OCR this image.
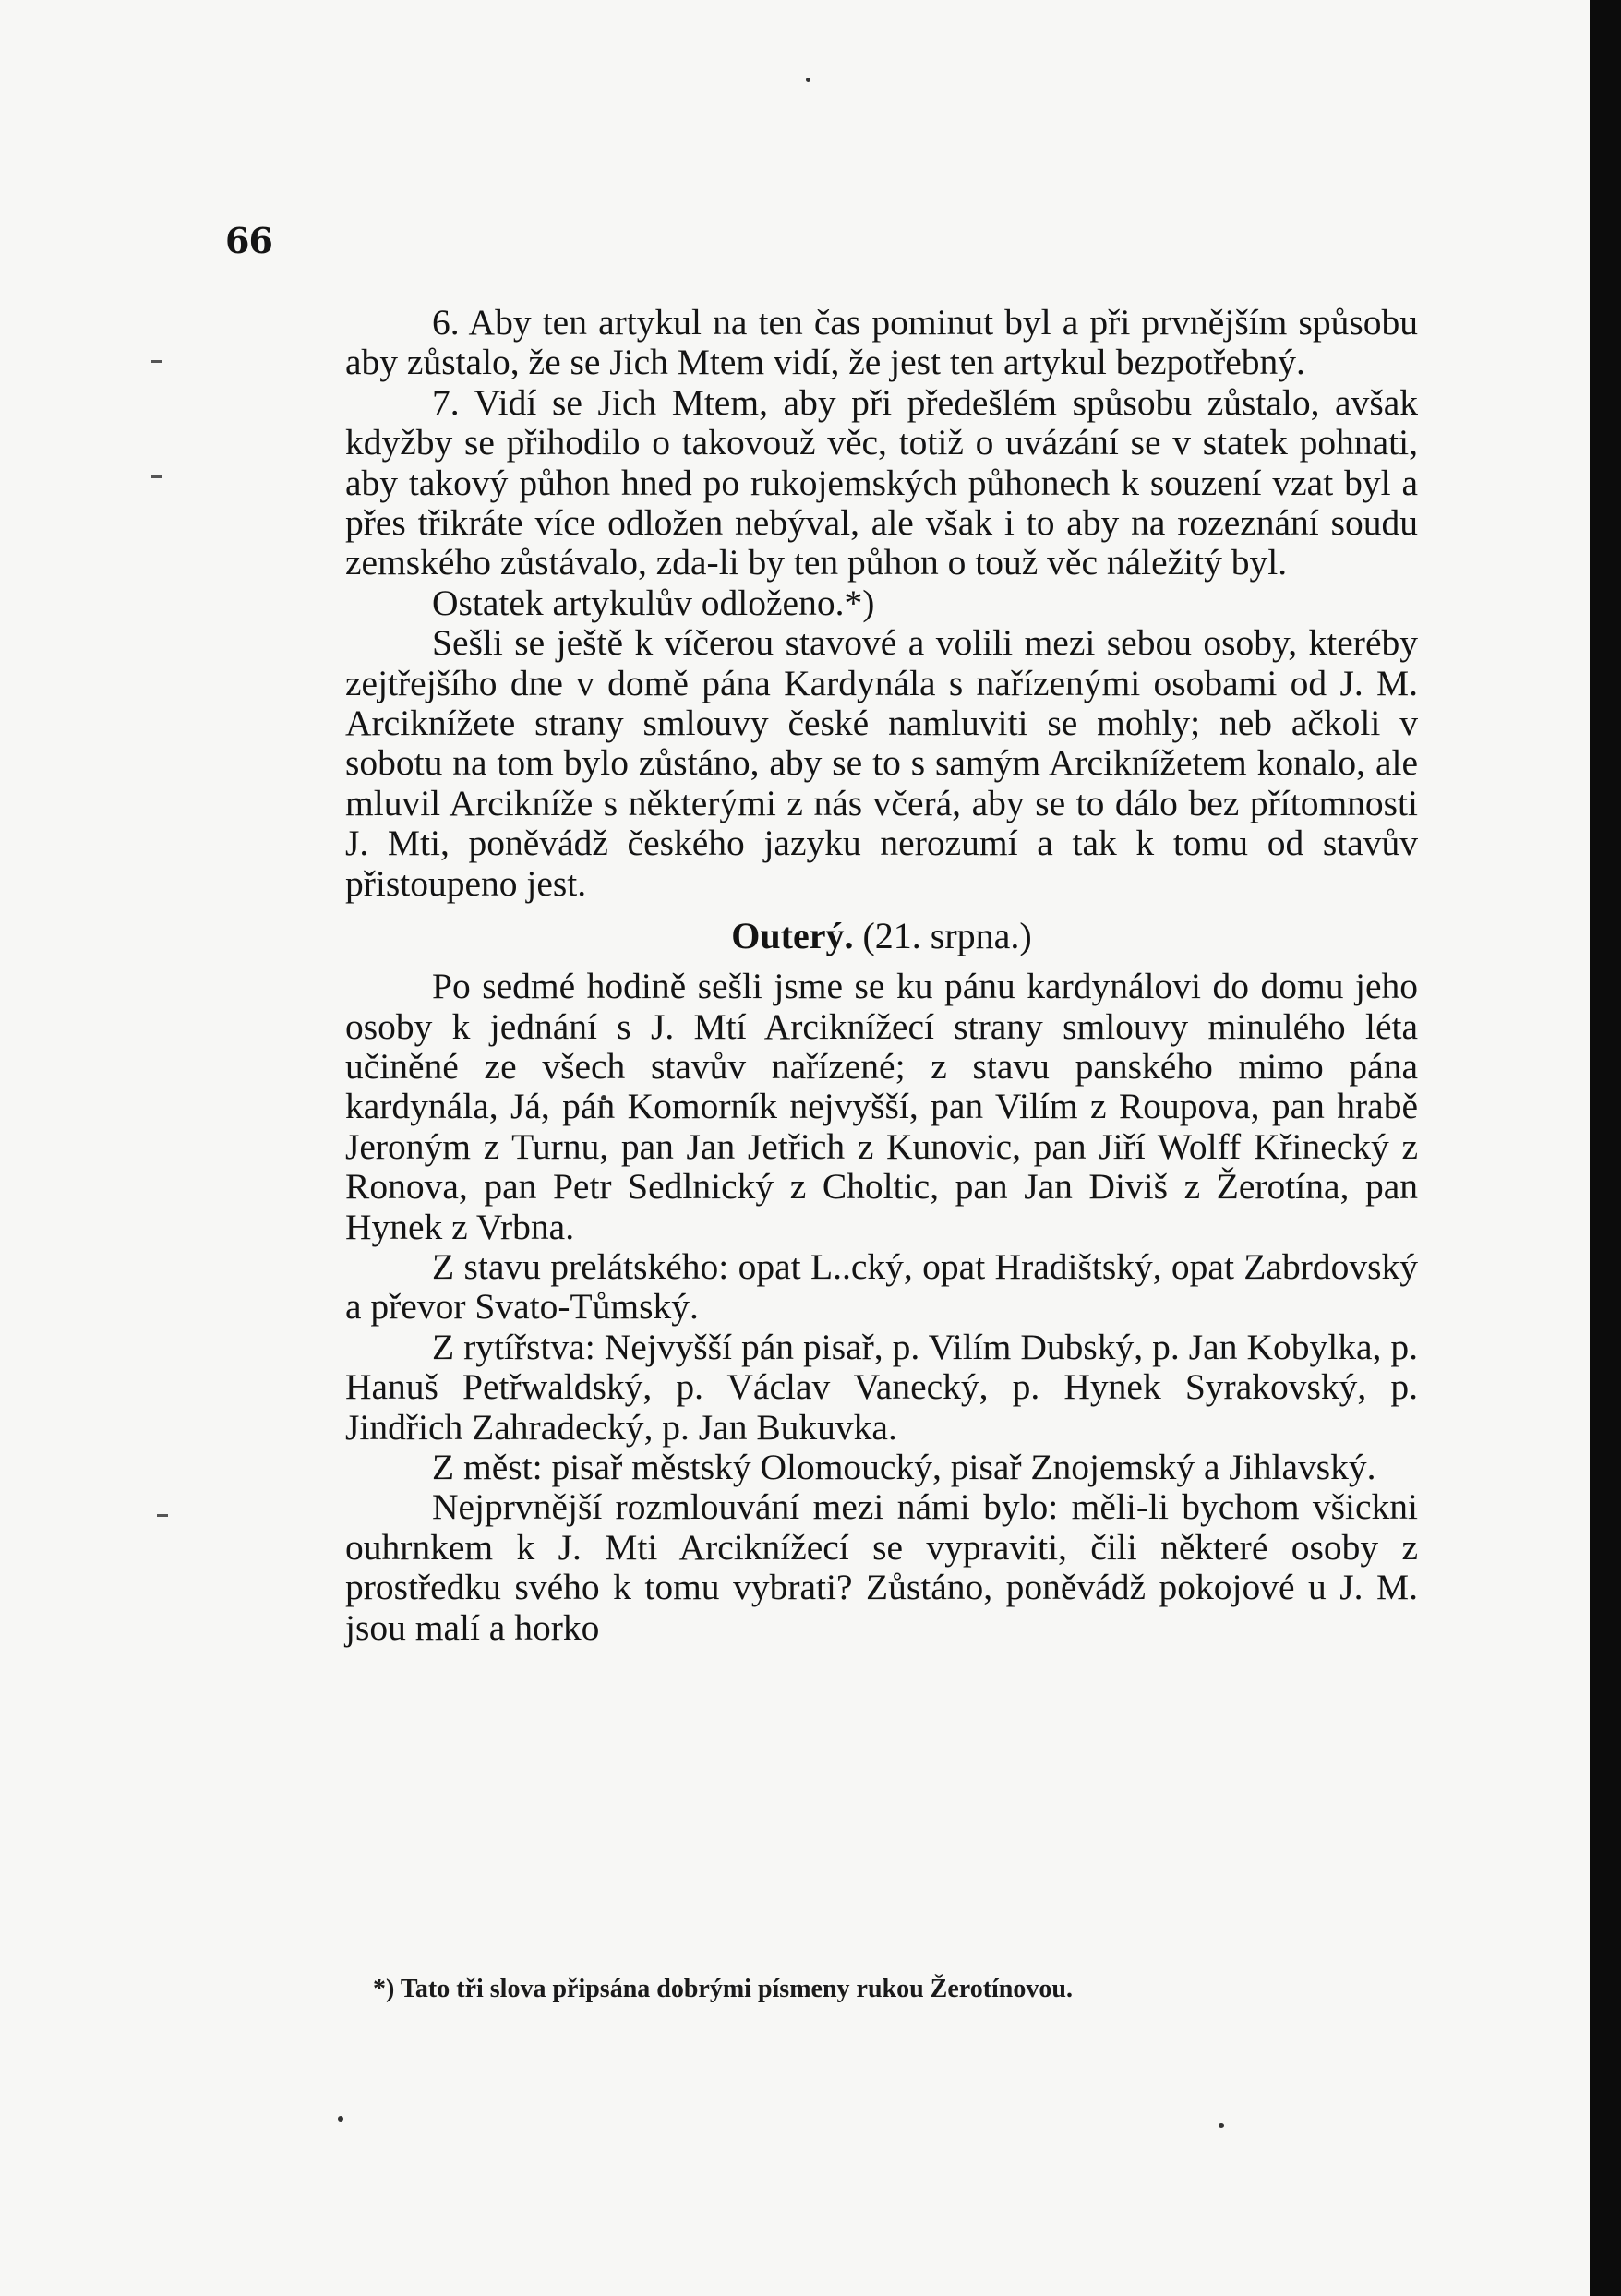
66

6. Aby ten artykul na ten čas pominut byl a při prvnějším spůsobu aby zůstalo, že se Jich Mtem vidí, že jest ten artykul bezpotřebný.

7. Vidí se Jich Mtem, aby při předešlém spůsobu zůstalo, avšak kdyžby se přihodilo o takovouž věc, totiž o uvázání se v statek pohnati, aby takový půhon hned po rukojemských půhonech k souzení vzat byl a přes třikráte více odložen nebýval, ale však i to aby na rozeznání soudu zemského zůstávalo, zda-li by ten půhon o touž věc náležitý byl.

Ostatek artykulův odloženo.*)

Sešli se ještě k víčerou stavové a volili mezi sebou osoby, kteréby zejtřejšího dne v domě pána Kardynála s nařízenými osobami od J. M. Arciknížete strany smlouvy české namluviti se mohly; neb ačkoli v sobotu na tom bylo zůstáno, aby se to s samým Arciknížetem konalo, ale mluvil Arcikníže s některými z nás včerá, aby se to dálo bez přítomnosti J. Mti, poněvádž českého jazyku nerozumí a tak k tomu od stavův přistoupeno jest.

Outerý. (21. srpna.)

Po sedmé hodině sešli jsme se ku pánu kardynálovi do domu jeho osoby k jednání s J. Mtí Arciknížecí strany smlouvy minulého léta učiněné ze všech stavův nařízené; z stavu panského mimo pána kardynála, Já, pán Komorník nejvyšší, pan Vilím z Roupova, pan hrabě Jeroným z Turnu, pan Jan Jetřich z Kunovic, pan Jiří Wolff Křinecký z Ronova, pan Petr Sedlnický z Choltic, pan Jan Diviš z Žerotína, pan Hynek z Vrbna.

Z stavu prelátského: opat L..cký, opat Hradištský, opat Zabrdovský a převor Svato-Tůmský.

Z rytířstva: Nejvyšší pán pisař, p. Vilím Dubský, p. Jan Kobylka, p. Hanuš Petřwaldský, p. Václav Vanecký, p. Hynek Syrakovský, p. Jindřich Zahradecký, p. Jan Bukuvka.

Z měst: pisař městský Olomoucký, pisař Znojemský a Jihlavský.

Nejprvnější rozmlouvání mezi námi bylo: měli-li bychom všickni ouhrnkem k J. Mti Arciknížecí se vypraviti, čili některé osoby z prostředku svého k tomu vybrati? Zůstáno, poněvádž pokojové u J. M. jsou malí a horko

*) Tato tři slova připsána dobrými písmeny rukou Žerotínovou.
